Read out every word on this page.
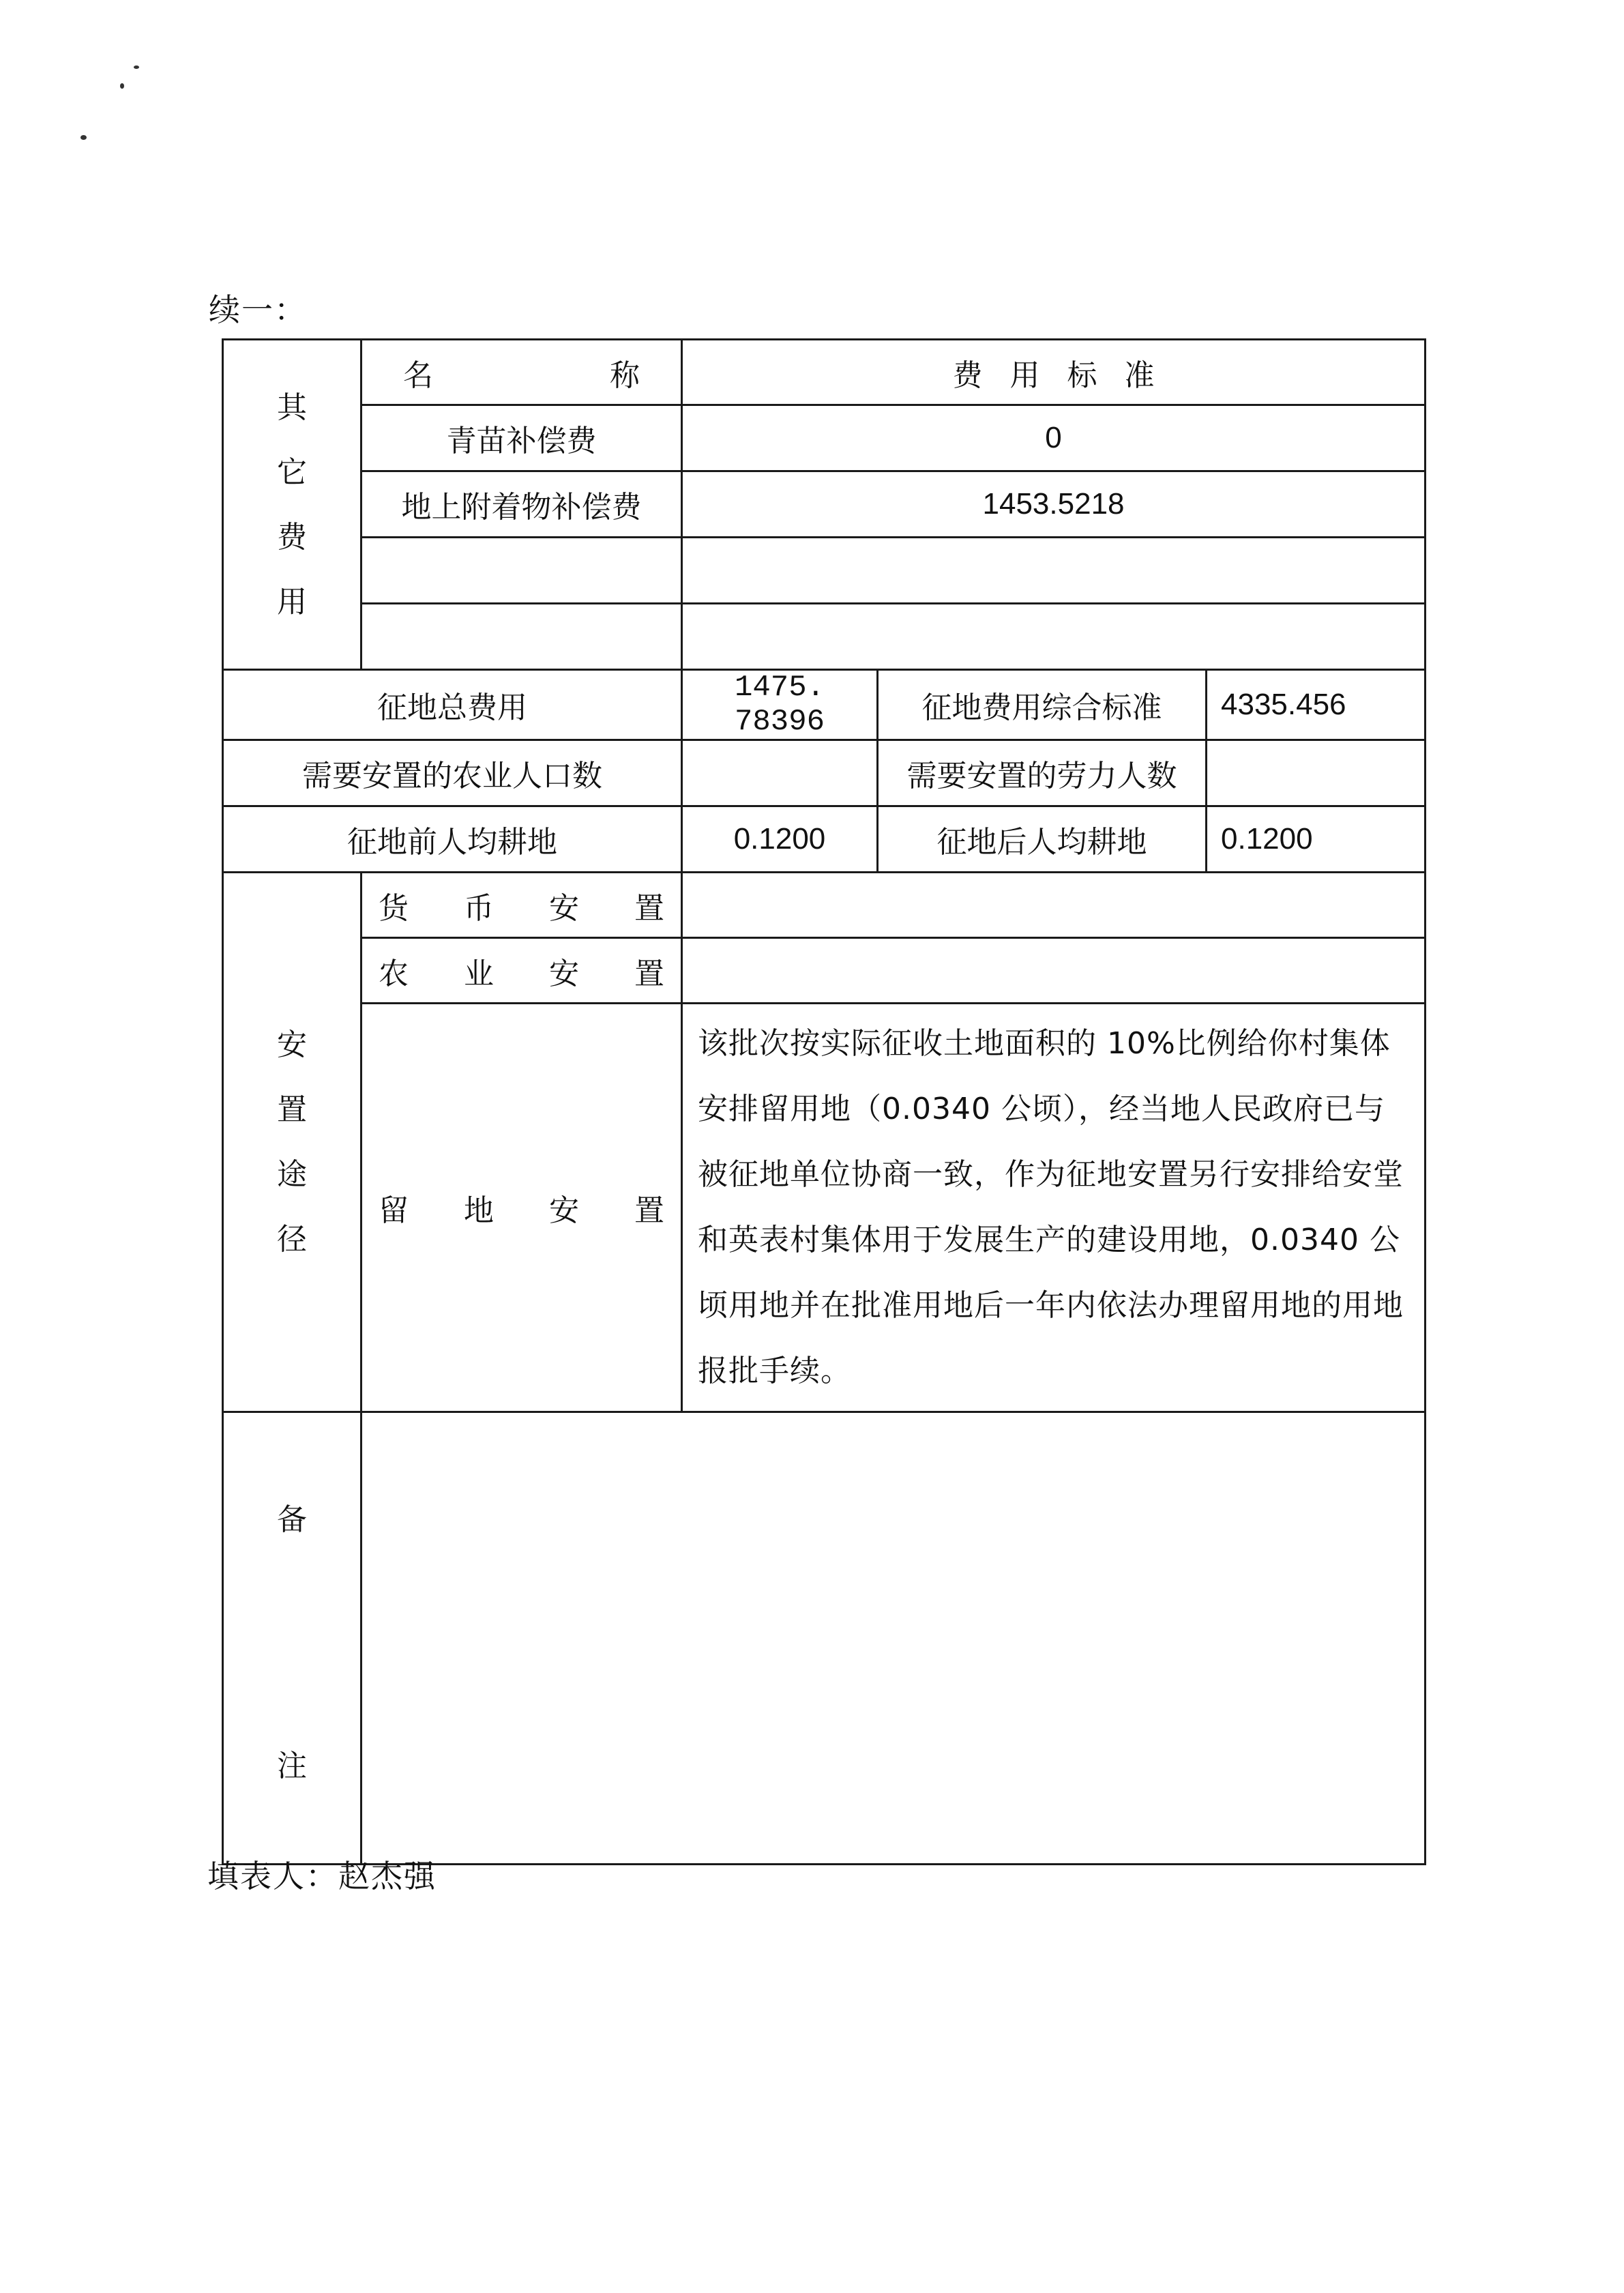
续一：
其
它
费
用	名 称	费 用 标 准		

	青苗补偿费	0		
	地上附着物补偿费	1453.5218		

征地总费用		1475. 78396	征地费用综合标准	4335.456
需要安置的农业人口数			需要安置的劳力人数	
征地前人均耕地		0.1200	征地后人均耕地	0.1200

安
置
途
径	货 币 安 置			

	农 业 安 置			

	留 地 安 置	该批次按实际征收土地面积的 10%比例给你村集体安排留用地（0.0340 公顷），经当地人民政府已与被征地单位协商一致，作为征地安置另行安排给安堂和英表村集体用于发展生产的建设用地，0.0340 公顷用地并在批准用地后一年内依法办理留用地的用地报批手续。		

备
注				

填表人：赵杰强
